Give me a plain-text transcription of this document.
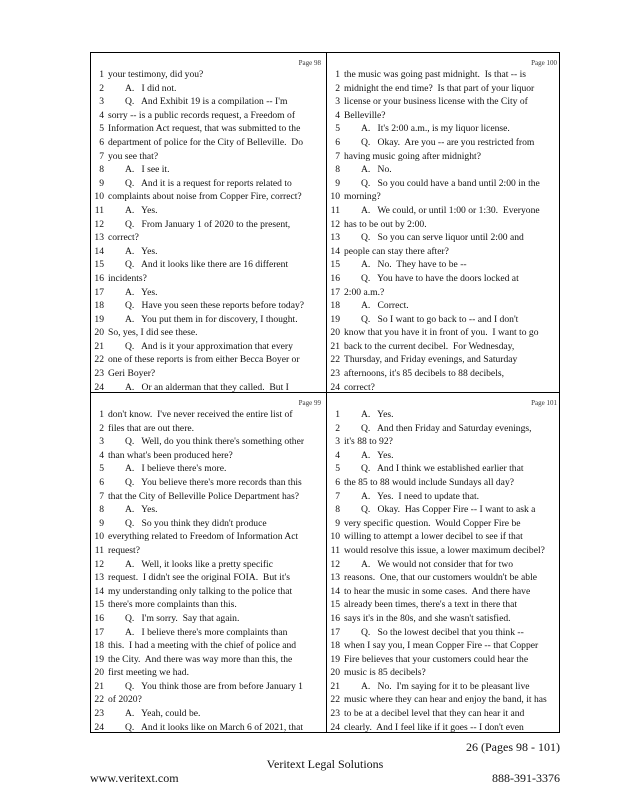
Page 98
1 your testimony, did you?
2	A.   I did not.
3	Q.   And Exhibit 19 is a compilation -- I'm
4 sorry -- is a public records request, a Freedom of
5 Information Act request, that was submitted to the
6 department of police for the City of Belleville.  Do
7 you see that?
8	A.   I see it.
9	Q.   And it is a request for reports related to
10 complaints about noise from Copper Fire, correct?
11	A.   Yes.
12	Q.   From January 1 of 2020 to the present,
13 correct?
14	A.   Yes.
15	Q.   And it looks like there are 16 different
16 incidents?
17	A.   Yes.
18	Q.   Have you seen these reports before today?
19	A.   You put them in for discovery, I thought.
20 So, yes, I did see these.
21	Q.   And is it your approximation that every
22 one of these reports is from either Becca Boyer or
23 Geri Boyer?
24	A.   Or an alderman that they called.  But I
Page 100
1 the music was going past midnight.  Is that -- is
2 midnight the end time?  Is that part of your liquor
3 license or your business license with the City of
4 Belleville?
5	A.   It's 2:00 a.m., is my liquor license.
6	Q.   Okay.  Are you -- are you restricted from
7 having music going after midnight?
8	A.   No.
9	Q.   So you could have a band until 2:00 in the
10 morning?
11	A.   We could, or until 1:00 or 1:30.  Everyone
12 has to be out by 2:00.
13	Q.   So you can serve liquor until 2:00 and
14 people can stay there after?
15	A.   No.  They have to be --
16	Q.   You have to have the doors locked at
17 2:00 a.m.?
18	A.   Correct.
19	Q.   So I want to go back to -- and I don't
20 know that you have it in front of you.  I want to go
21 back to the current decibel.  For Wednesday,
22 Thursday, and Friday evenings, and Saturday
23 afternoons, it's 85 decibels to 88 decibels,
24 correct?
Page 99
1 don't know.  I've never received the entire list of
2 files that are out there.
3	Q.   Well, do you think there's something other
4 than what's been produced here?
5	A.   I believe there's more.
6	Q.   You believe there's more records than this
7 that the City of Belleville Police Department has?
8	A.   Yes.
9	Q.   So you think they didn't produce
10 everything related to Freedom of Information Act
11 request?
12	A.   Well, it looks like a pretty specific
13 request.  I didn't see the original FOIA.  But it's
14 my understanding only talking to the police that
15 there's more complaints than this.
16	Q.   I'm sorry.  Say that again.
17	A.   I believe there's more complaints than
18 this.  I had a meeting with the chief of police and
19 the City.  And there was way more than this, the
20 first meeting we had.
21	Q.   You think those are from before January 1
22 of 2020?
23	A.   Yeah, could be.
24	Q.   And it looks like on March 6 of 2021, that
Page 101
1	A.   Yes.
2	Q.   And then Friday and Saturday evenings,
3 it's 88 to 92?
4	A.   Yes.
5	Q.   And I think we established earlier that
6 the 85 to 88 would include Sundays all day?
7	A.   Yes.  I need to update that.
8	Q.   Okay.  Has Copper Fire -- I want to ask a
9 very specific question.  Would Copper Fire be
10 willing to attempt a lower decibel to see if that
11 would resolve this issue, a lower maximum decibel?
12	A.   We would not consider that for two
13 reasons.  One, that our customers wouldn't be able
14 to hear the music in some cases.  And there have
15 already been times, there's a text in there that
16 says it's in the 80s, and she wasn't satisfied.
17	Q.   So the lowest decibel that you think --
18 when I say you, I mean Copper Fire -- that Copper
19 Fire believes that your customers could hear the
20 music is 85 decibels?
21	A.   No.  I'm saying for it to be pleasant live
22 music where they can hear and enjoy the band, it has
23 to be at a decibel level that they can hear it and
24 clearly.  And I feel like if it goes -- I don't even
26 (Pages 98 - 101)
Veritext Legal Solutions
www.veritext.com	888-391-3376
